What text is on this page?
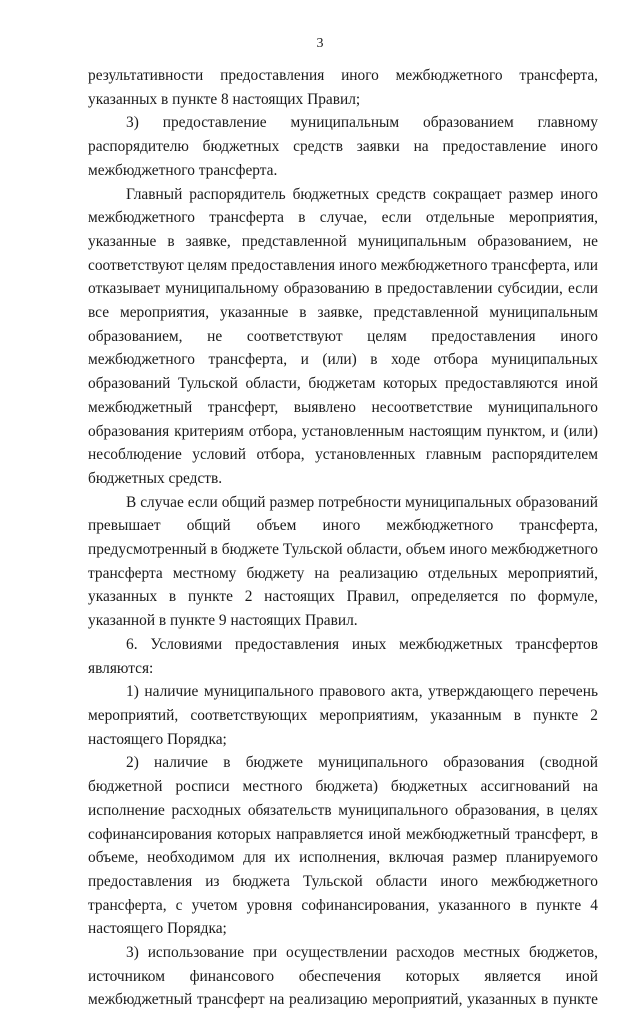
3

результативности предоставления иного межбюджетного трансферта, указанных в пункте 8 настоящих Правил;

3) предоставление муниципальным образованием главному распорядителю бюджетных средств заявки на предоставление иного межбюджетного трансферта.

Главный распорядитель бюджетных средств сокращает размер иного межбюджетного трансферта в случае, если отдельные мероприятия, указанные в заявке, представленной муниципальным образованием, не соответствуют целям предоставления иного межбюджетного трансферта, или отказывает муниципальному образованию в предоставлении субсидии, если все мероприятия, указанные в заявке, представленной муниципальным образованием, не соответствуют целям предоставления иного межбюджетного трансферта, и (или) в ходе отбора муниципальных образований Тульской области, бюджетам которых предоставляются иной межбюджетный трансферт, выявлено несоответствие муниципального образования критериям отбора, установленным настоящим пунктом, и (или) несоблюдение условий отбора, установленных главным распорядителем бюджетных средств.

В случае если общий размер потребности муниципальных образований превышает общий объем иного межбюджетного трансферта, предусмотренный в бюджете Тульской области, объем иного межбюджетного трансферта местному бюджету на реализацию отдельных мероприятий, указанных в пункте 2 настоящих Правил, определяется по формуле, указанной в пункте 9 настоящих Правил.

6. Условиями предоставления иных межбюджетных трансфертов являются:

1) наличие муниципального правового акта, утверждающего перечень мероприятий, соответствующих мероприятиям, указанным в пункте 2 настоящего Порядка;

2) наличие в бюджете муниципального образования (сводной бюджетной росписи местного бюджета) бюджетных ассигнований на исполнение расходных обязательств муниципального образования, в целях софинансирования которых направляется иной межбюджетный трансферт, в объеме, необходимом для их исполнения, включая размер планируемого предоставления из бюджета Тульской области иного межбюджетного трансферта, с учетом уровня софинансирования, указанного в пункте 4 настоящего Порядка;

3) использование при осуществлении расходов местных бюджетов, источником финансового обеспечения которых является иной межбюджетный трансферт на реализацию мероприятий, указанных в пункте
